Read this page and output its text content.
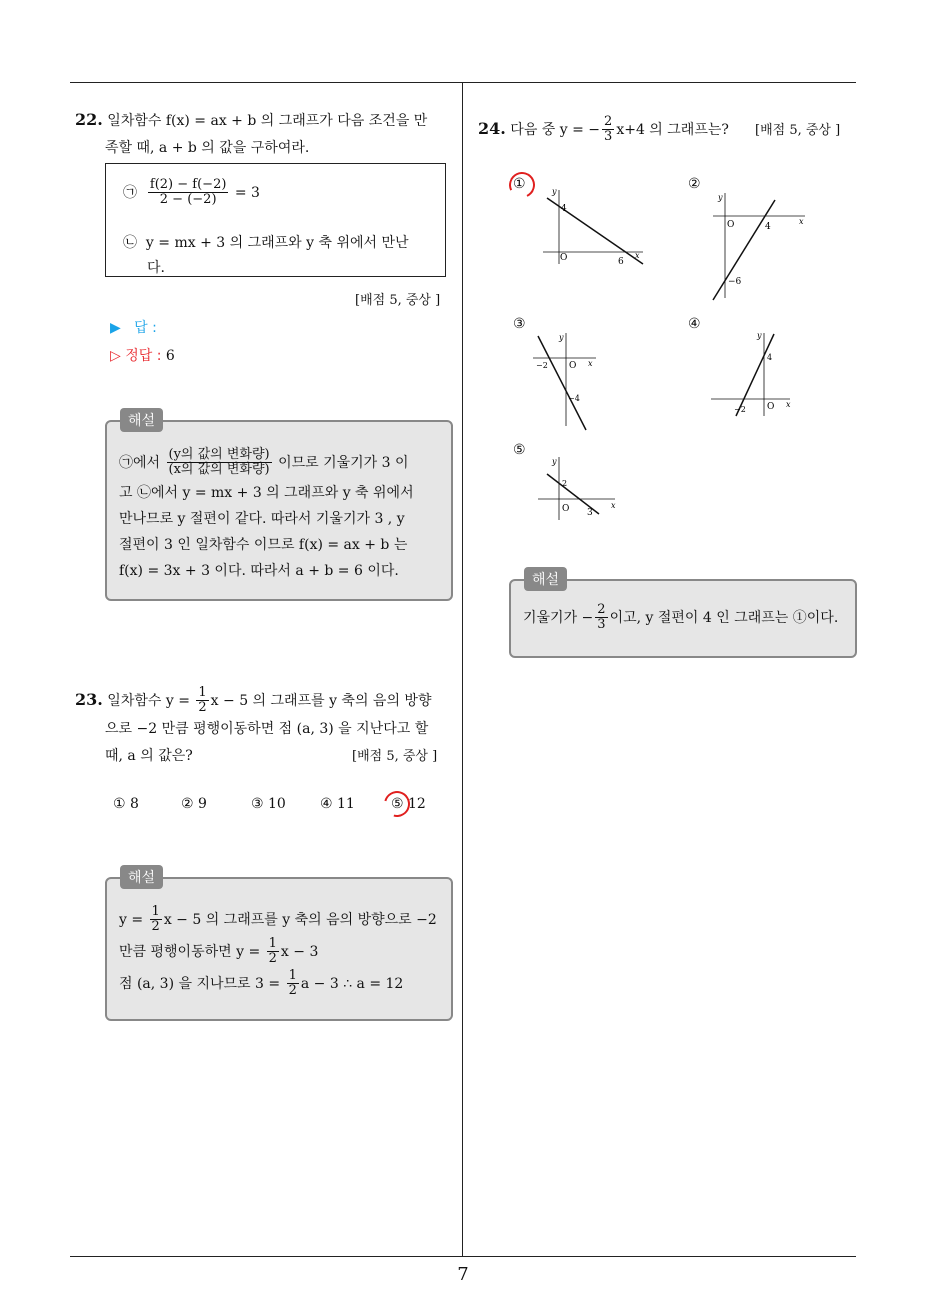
7
22. 일차함수 f(x) = ax + b 의 그래프가 다음 조건을 만
족할 때, a + b 의 값을 구하여라.
㉠ $\frac{f(2) - f(-2)}{2 - (-2)} = 3$
㉡ y = mx + 3 의 그래프와 y 축 위에서 만난
다.
[배점 5, 중상 ]
▶ 답 :
▷ 정답 : 6
㉠에서 $\frac{\text{(y의 값의 변화량)}}{\text{(x의 값의 변화량)}}$ 이므로 기울기가 3 이
고 ㉡에서 y = mx + 3 의 그래프와 y 축 위에서
만나므로 y 절편이 같다. 따라서 기울기가 3 , y
절편이 3 인 일차함수 이므로 f(x) = ax + b 는
f(x) = 3x + 3 이다. 따라서 a + b = 6 이다.
해설
23. 일차함수 $y = \frac{1}{2}$ x − 5 의 그래프를 y 축의 음의 방향
으로 −2 만큼 평행이동하면 점 (a, 3) 을 지난다고 할
때, a 의 값은?	[배점 5, 중상 ]
① 8	② 9	③ 10 ④ 11	⑤ 12
$y = \frac{1}{2}$ x − 5 의 그래프를 y 축의 음의 방향으로 −2
만큼 평행이동하면 $y = \frac{1}{2}$ x − 3
점 (a, 3) 을 지나므로 $3 = \frac{1}{2}$ a − 3 ∴ a = 12
해설
24. 다음 중 y = − $\frac{2}{3} x+4$ 의 그래프는? [배점 5, 중상 ]
①	②
③	④
⑤
y
x
O
4
6
y
x
O	4
−6
y
x
O
−2
−4
y
x
O
4
−2
y
x
O
2
3
기울기가 − $\frac{2}{3}$ 이고, y 절편이 4 인 그래프는 ①이다.
해설
